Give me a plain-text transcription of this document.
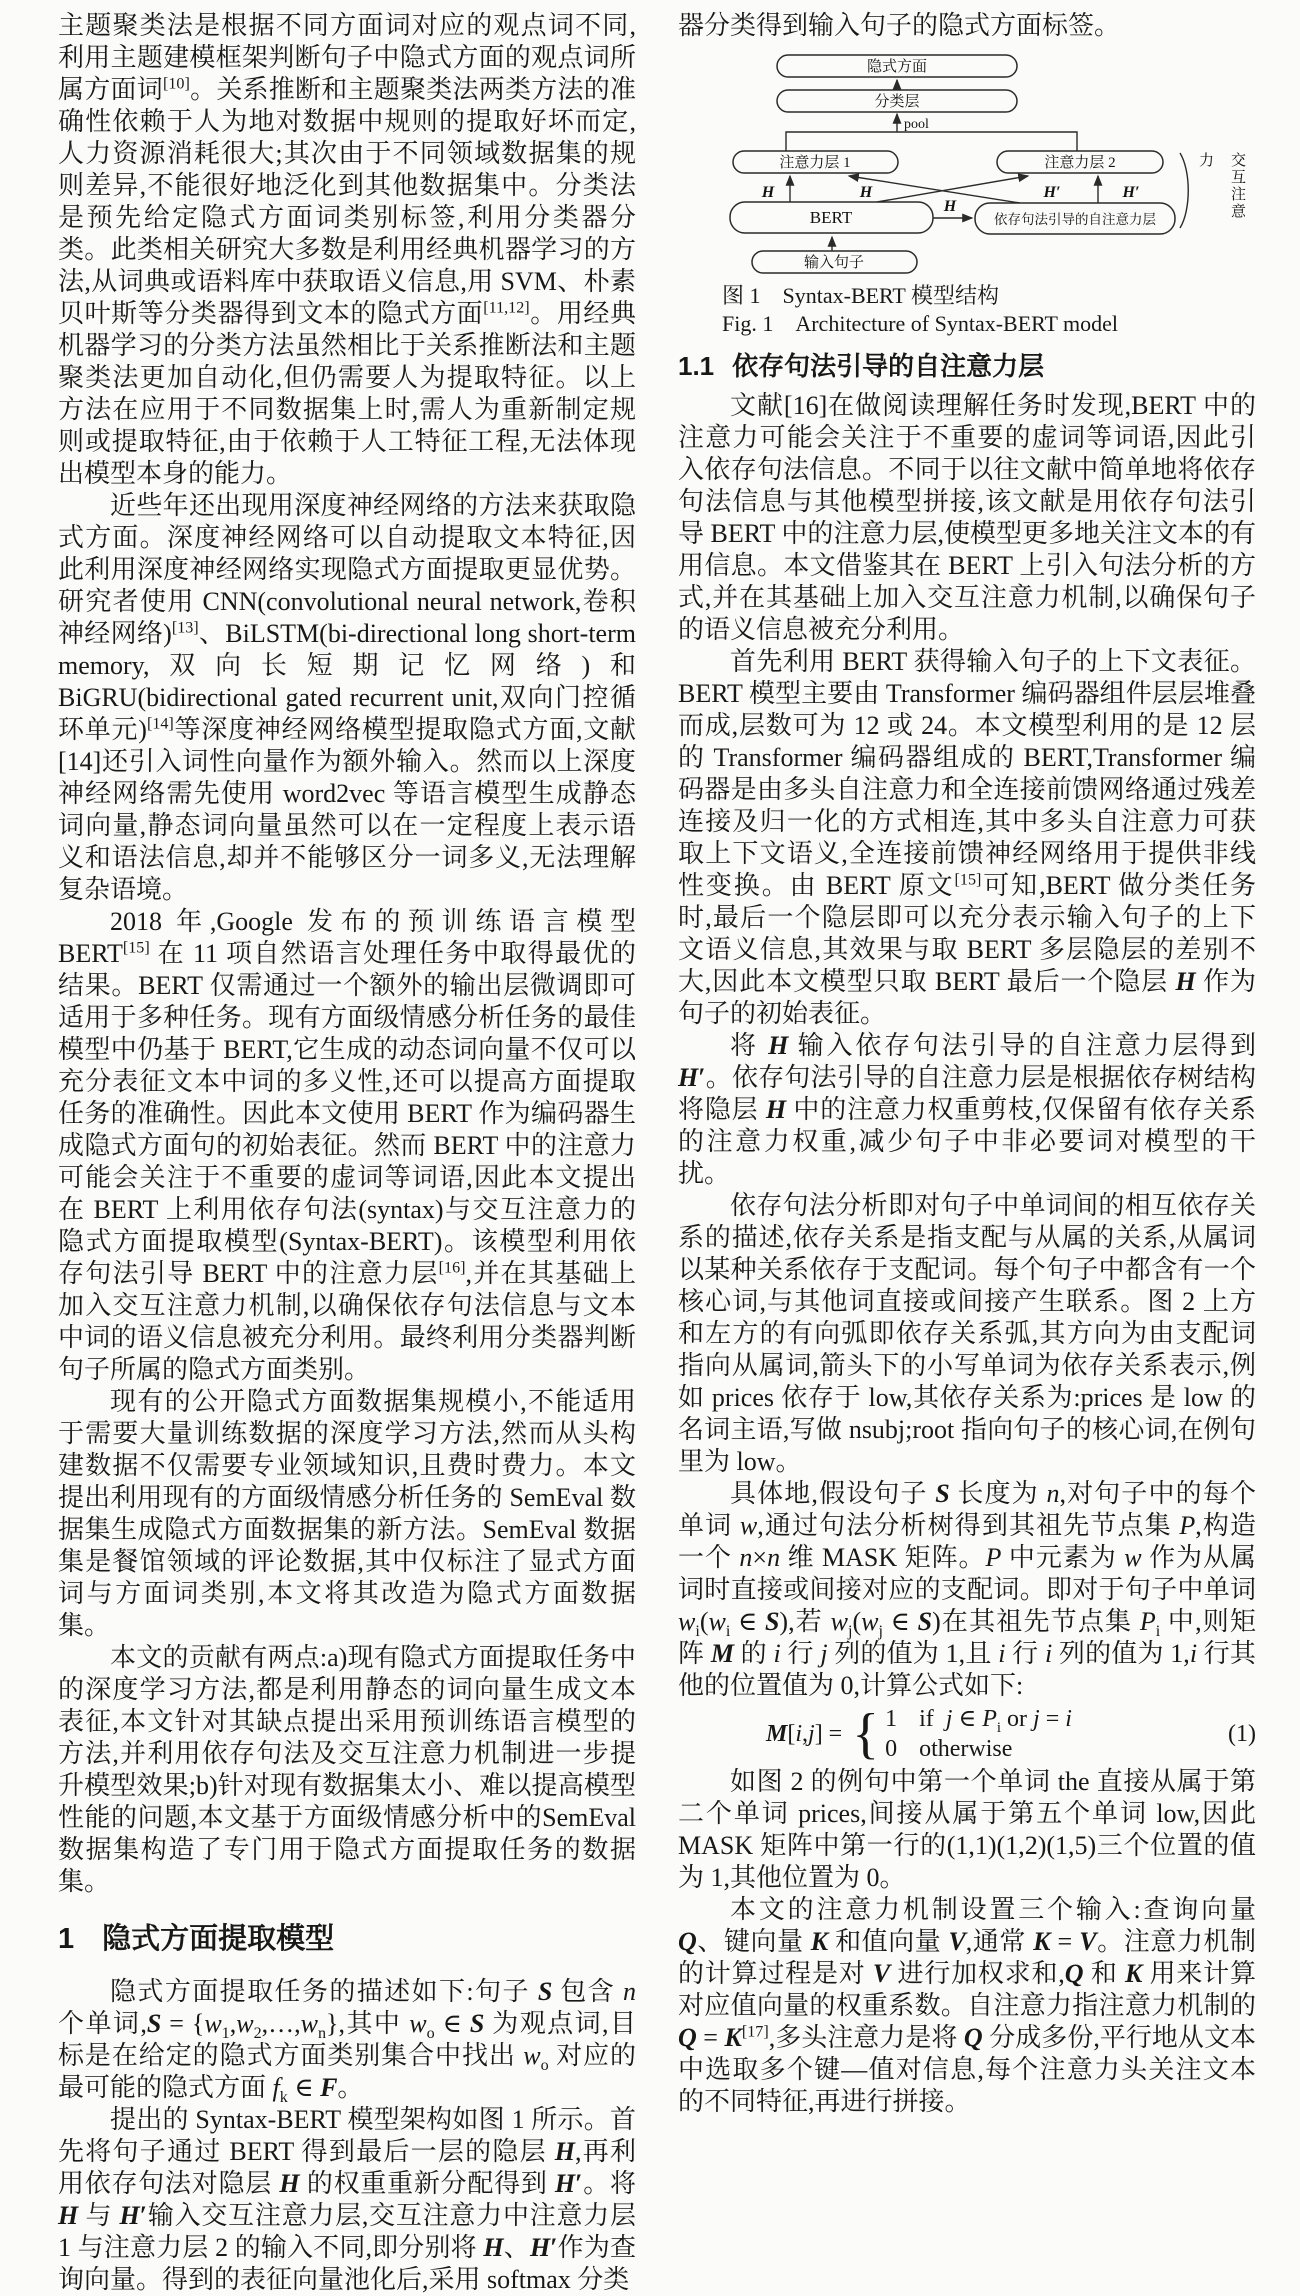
主题聚类法是根据不同方面词对应的观点词不同,利用主题建模框架判断句子中隐式方面的观点词所属方面词[10]。关系推断和主题聚类法两类方法的准确性依赖于人为地对数据中规则的提取好坏而定,人力资源消耗很大;其次由于不同领域数据集的规则差异,不能很好地泛化到其他数据集中。分类法是预先给定隐式方面词类别标签,利用分类器分类。此类相关研究大多数是利用经典机器学习的方法,从词典或语料库中获取语义信息,用 SVM、朴素贝叶斯等分类器得到文本的隐式方面[11,12]。用经典机器学习的分类方法虽然相比于关系推断法和主题聚类法更加自动化,但仍需要人为提取特征。以上方法在应用于不同数据集上时,需人为重新制定规则或提取特征,由于依赖于人工特征工程,无法体现出模型本身的能力。

近些年还出现用深度神经网络的方法来获取隐式方面。深度神经网络可以自动提取文本特征,因此利用深度神经网络实现隐式方面提取更显优势。研究者使用 CNN(convolutional neural network,卷积神经网络)[13]、BiLSTM(bi-directional long short-term memory,双向长短期记忆网络)和 BiGRU(bidirectional gated recurrent unit,双向门控循环单元)[14]等深度神经网络模型提取隐式方面,文献[14]还引入词性向量作为额外输入。然而以上深度神经网络需先使用 word2vec 等语言模型生成静态词向量,静态词向量虽然可以在一定程度上表示语义和语法信息,却并不能够区分一词多义,无法理解复杂语境。

2018 年,Google 发布的预训练语言模型 BERT[15] 在 11 项自然语言处理任务中取得最优的结果。BERT 仅需通过一个额外的输出层微调即可适用于多种任务。现有方面级情感分析任务的最佳模型中仍基于 BERT,它生成的动态词向量不仅可以充分表征文本中词的多义性,还可以提高方面提取任务的准确性。因此本文使用 BERT 作为编码器生成隐式方面句的初始表征。然而 BERT 中的注意力可能会关注于不重要的虚词等词语,因此本文提出在 BERT 上利用依存句法(syntax)与交互注意力的隐式方面提取模型(Syntax-BERT)。该模型利用依存句法引导 BERT 中的注意力层[16],并在其基础上加入交互注意力机制,以确保依存句法信息与文本中词的语义信息被充分利用。最终利用分类器判断句子所属的隐式方面类别。

现有的公开隐式方面数据集规模小,不能适用于需要大量训练数据的深度学习方法,然而从头构建数据不仅需要专业领域知识,且费时费力。本文提出利用现有的方面级情感分析任务的 SemEval 数据集生成隐式方面数据集的新方法。SemEval 数据集是餐馆领域的评论数据,其中仅标注了显式方面词与方面词类别,本文将其改造为隐式方面数据集。

本文的贡献有两点:a)现有隐式方面提取任务中的深度学习方法,都是利用静态的词向量生成文本表征,本文针对其缺点提出采用预训练语言模型的方法,并利用依存句法及交互注意力机制进一步提升模型效果;b)针对现有数据集太小、难以提高模型性能的问题,本文基于方面级情感分析中的SemEval数据集构造了专门用于隐式方面提取任务的数据集。

1 隐式方面提取模型

隐式方面提取任务的描述如下:句子 S 包含 n 个单词$,S = \{w_1,w_2,\dots,w_n\}$,其中 $w_o$ ∈ S 为观点词,目标是在给定的隐式方面类别集合中找出 $w_o$ 对应的最可能的隐式方面 $f_k$ ∈ F。

提出的 Syntax-BERT 模型架构如图 1 所示。首先将句子通过 BERT 得到最后一层的隐层 H,再利用依存句法对隐层 H 的权重重新分配得到 H′。将 H 与 H′输入交互注意力层,交互注意力中注意力层 1 与注意力层 2 的输入不同,即分别将 H、H′作为查询向量。得到的表征向量池化后,采用 softmax 分类

器分类得到输入句子的隐式方面标签。

隐式方面
分类层
pool
注意力层 1	注意力层 2
H	H	H′	H′
H
BERT	依存句法引导的自注意力层
输入句子
交互注意力

图 1 Syntax-BERT 模型结构

Fig. 1 Architecture of Syntax-BERT model

1.1 依存句法引导的自注意力层

文献[16]在做阅读理解任务时发现,BERT 中的注意力可能会关注于不重要的虚词等词语,因此引入依存句法信息。不同于以往文献中简单地将依存句法信息与其他模型拼接,该文献是用依存句法引导 BERT 中的注意力层,使模型更多地关注文本的有用信息。本文借鉴其在 BERT 上引入句法分析的方式,并在其基础上加入交互注意力机制,以确保句子的语义信息被充分利用。

首先利用 BERT 获得输入句子的上下文表征。BERT 模型主要由 Transformer 编码器组件层层堆叠而成,层数可为 12 或 24。本文模型利用的是 12 层的 Transformer 编码器组成的 BERT,Transformer 编码器是由多头自注意力和全连接前馈网络通过残差连接及归一化的方式相连,其中多头自注意力可获取上下文语义,全连接前馈神经网络用于提供非线性变换。由 BERT 原文[15]可知,BERT 做分类任务时,最后一个隐层即可以充分表示输入句子的上下文语义信息,其效果与取 BERT 多层隐层的差别不大,因此本文模型只取 BERT 最后一个隐层 H 作为句子的初始表征。

将 H 输入依存句法引导的自注意力层得到 H′。依存句法引导的自注意力层是根据依存树结构将隐层 H 中的注意力权重剪枝,仅保留有依存关系的注意力权重,减少句子中非必要词对模型的干扰。

依存句法分析即对句子中单词间的相互依存关系的描述,依存关系是指支配与从属的关系,从属词以某种关系依存于支配词。每个句子中都含有一个核心词,与其他词直接或间接产生联系。图 2 上方和左方的有向弧即依存关系弧,其方向为由支配词指向从属词,箭头下的小写单词为依存关系表示,例如 prices 依存于 low,其依存关系为:prices 是 low 的名词主语,写做 nsubj;root 指向句子的核心词,在例句里为 low。

具体地,假设句子 S 长度为 n,对句子中的每个单词 w,通过句法分析树得到其祖先节点集 P,构造一个 n×n 维 MASK 矩阵。P 中元素为 w 作为从属词时直接或间接对应的支配词。即对于句子中单词 $w_i(w_i$ ∈ S),若 $w_j(w_j$ ∈ S)在其祖先节点集 $P_i$ 中,则矩阵 M 的 i 行 j 列的值为 1,且 i 行 i 列的值为 1,i 行其他的位置值为 0,计算公式如下:

M[i,j] = { 1 if  j ∈ $P_i$ or j = i
0 otherwise
(1)

如图 2 的例句中第一个单词 the 直接从属于第二个单词 prices,间接从属于第五个单词 low,因此 MASK 矩阵中第一行的(1,1)(1,2)(1,5)三个位置的值为 1,其他位置为 0。

本文的注意力机制设置三个输入:查询向量 Q、键向量 K 和值向量 V,通常 K = V。注意力机制的计算过程是对 V 进行加权求和,Q 和 K 用来计算对应值向量的权重系数。自注意力指注意力机制的 Q = K[17],多头注意力是将 Q 分成多份,平行地从文本中选取多个键—值对信息,每个注意力头关注文本的不同特征,再进行拼接。
